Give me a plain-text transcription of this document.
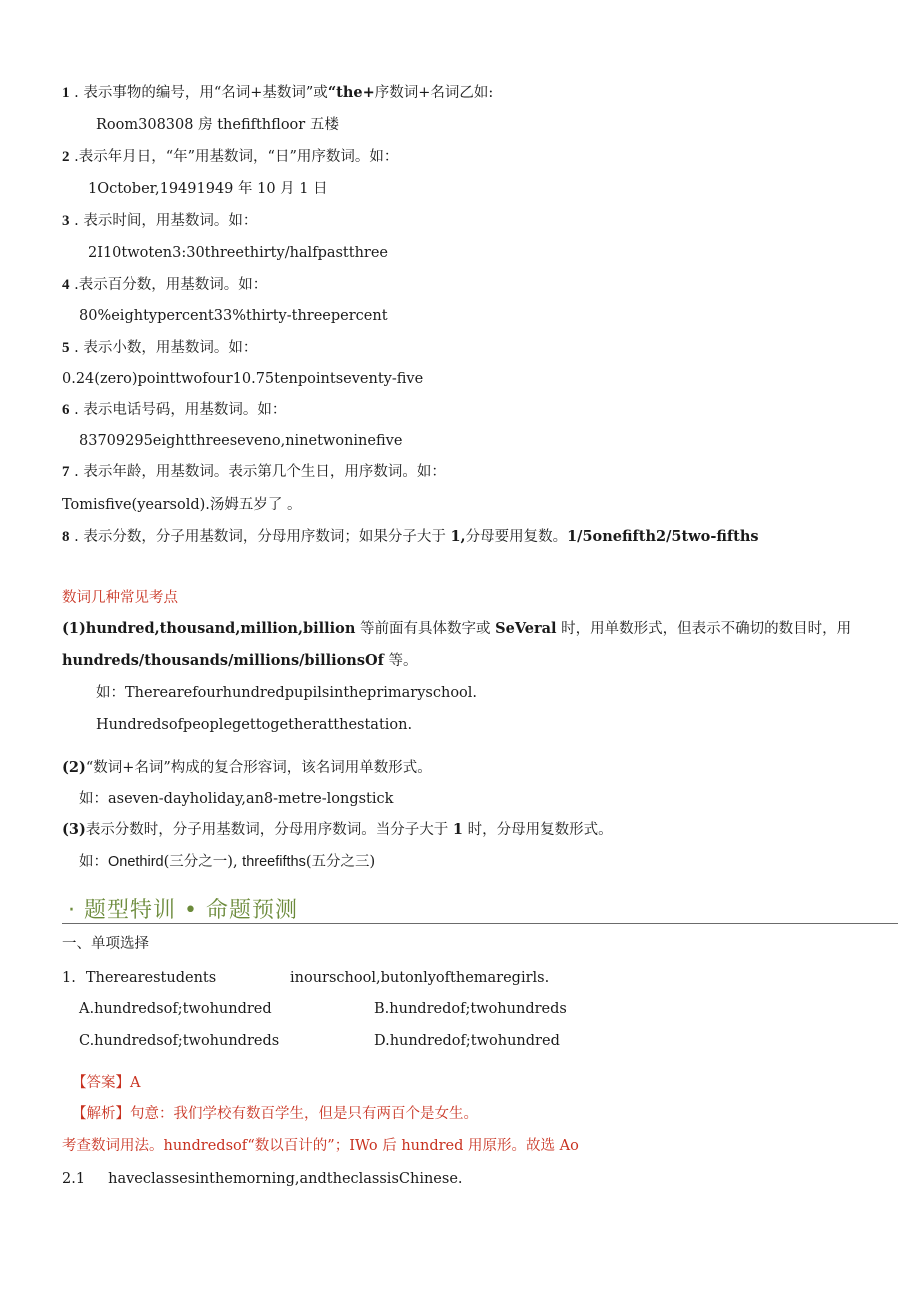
1 . 表示事物的编号，用“名词+基数词”或“the+序数词+名词乙如:
Room308308 房 thefifthfloor 五楼
2 .表示年月日，“年”用基数词，“日”用序数词。如：
1October,19491949 年 10 月 1 日
3 . 表示时间，用基数词。如：
2I10twoten3:30threethirty/halfpastthree
4 .表示百分数，用基数词。如：
80%eightypercent33%thirty-threepercent
5 . 表示小数，用基数词。如：
0.24(zero)pointtwofour10.75tenpointseventy-five
6 . 表示电话号码，用基数词。如：
83709295eightthreesevenо,ninetwoninefive
7 . 表示年龄，用基数词。表示第几个生日，用序数词。如：
Tomisfive(yearsold).汤姆五岁了 。
8 . 表示分数，分子用基数词，分母用序数词；如果分子大于 1,分母要用复数。1/5onefifth2/5two-fifths
数词几种常见考点
(1)hundred,thousand,million,billion 等前面有具体数字或 SeVeral 时，用单数形式，但表示不确切的数目时，用
hundreds/thousands/millions/billionsOf 等。
如：Therearefourhundredpupilsintheprimaryschool.
Hundredsofpeoplegettogetheratthestation.
(2)“数词+名词”构成的复合形容词，该名词用单数形式。
如：aseven-dayholiday,an8-metre-longstick
(3)表示分数时，分子用基数词，分母用序数词。当分子大于 1 时，分母用复数形式。
如：Onethird(三分之一), threefifths(五分之三)
· 题型特训 • 命题预测
一、单项选择
1. Therearestudents	inourschool,butonlyofthemaregirls.
A.hundredsof;twohundred	B.hundredof;twohundreds
C.hundredsof;twohundreds	D.hundredof;twohundred
【答案】A
【解析】句意：我们学校有数百学生，但是只有两百个是女生。
考查数词用法。hundredsof“数以百计的”；IWo 后 hundred 用原形。故选 Ao
2.1     haveclassesinthemorning,andtheclassisChinese.
